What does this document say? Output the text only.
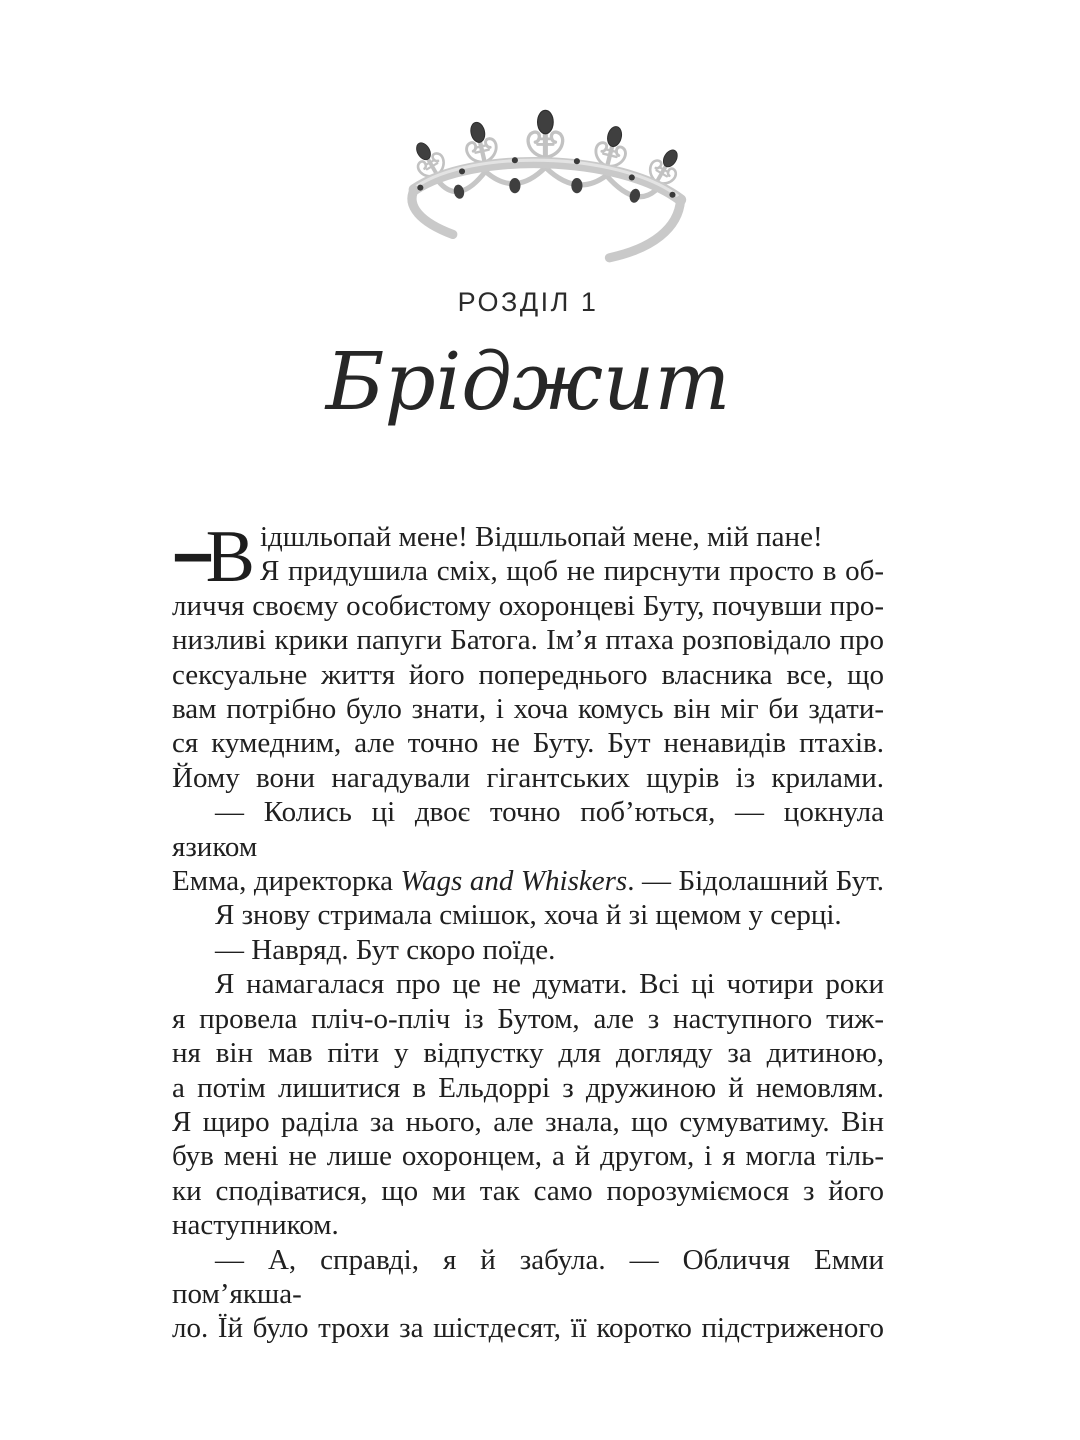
РОЗДІЛ 1
Бріджит
—
В ідшльопай мене! Відшльопай мене, мій пане!
Я придушила сміх, щоб не пирснути просто в об-
личчя своєму особистому охоронцеві Буту, почувши про-
низливі крики папуги Батога. Ім’я птаха розповідало про
сексуальне життя його попереднього власника все, що
вам потрібно було знати, і хоча комусь він міг би здати-
ся кумедним, але точно не Буту. Бут ненавидів птахів.
Йому вони нагадували гігантських щурів із крилами.
— Колись ці двоє точно поб’ються, — цокнула язиком
Емма, директорка Wags and Whiskers. — Бідолашний Бут.
Я знову стримала смішок, хоча й зі щемом у серці.
— Навряд. Бут скоро поїде.
Я намагалася про це не думати. Всі ці чотири роки
я провела пліч-о-пліч із Бутом, але з наступного тиж-
ня він мав піти у відпустку для догляду за дитиною,
а потім лишитися в Ельдоррі з дружиною й немовлям.
Я щиро раділа за нього, але знала, що сумуватиму. Він
був мені не лише охоронцем, а й другом, і я могла тіль-
ки сподіватися, що ми так само порозуміємося з його
наступником.
— А, справді, я й забула. — Обличчя Емми пом’якша-
ло. Їй було трохи за шістдесят, її коротко підстриженого
